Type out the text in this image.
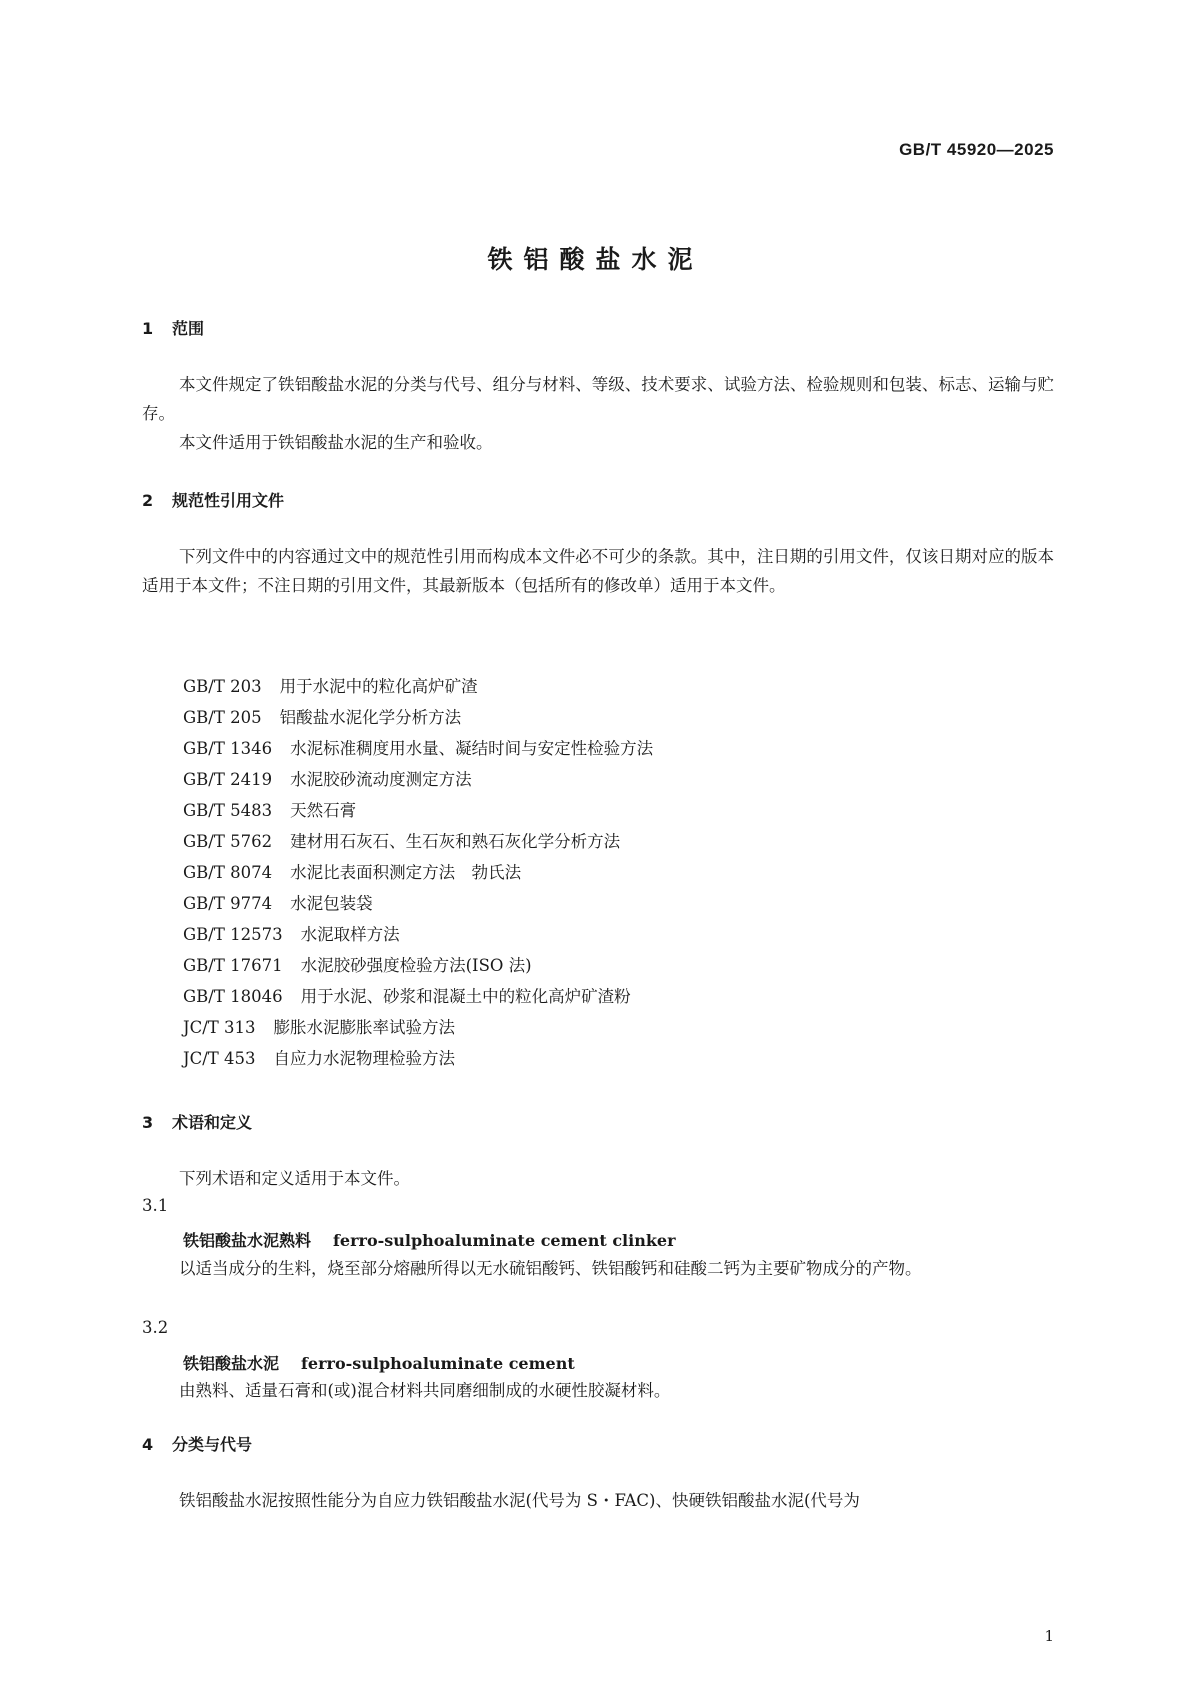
GB/T 45920—2025
铁铝酸盐水泥
1 范围

本文件规定了铁铝酸盐水泥的分类与代号、组分与材料、等级、技术要求、试验方法、检验规则和包装、标志、运输与贮存。

本文件适用于铁铝酸盐水泥的生产和验收。

2 规范性引用文件

下列文件中的内容通过文中的规范性引用而构成本文件必不可少的条款。其中，注日期的引用文件，仅该日期对应的版本适用于本文件；不注日期的引用文件，其最新版本（包括所有的修改单）适用于本文件。

GB/T 203 用于水泥中的粒化高炉矿渣
GB/T 205 铝酸盐水泥化学分析方法
GB/T 1346 水泥标准稠度用水量、凝结时间与安定性检验方法
GB/T 2419 水泥胶砂流动度测定方法
GB/T 5483 天然石膏
GB/T 5762 建材用石灰石、生石灰和熟石灰化学分析方法
GB/T 8074 水泥比表面积测定方法　勃氏法
GB/T 9774 水泥包装袋
GB/T 12573 水泥取样方法
GB/T 17671 水泥胶砂强度检验方法(ISO 法)
GB/T 18046 用于水泥、砂浆和混凝土中的粒化高炉矿渣粉
JC/T 313 膨胀水泥膨胀率试验方法
JC/T 453 自应力水泥物理检验方法
3 术语和定义

下列术语和定义适用于本文件。

3.1
铁铝酸盐水泥熟料 ferro-sulphoaluminate cement clinker

以适当成分的生料，烧至部分熔融所得以无水硫铝酸钙、铁铝酸钙和硅酸二钙为主要矿物成分的产物。

3.2
铁铝酸盐水泥 ferro-sulphoaluminate cement

由熟料、适量石膏和(或)混合材料共同磨细制成的水硬性胶凝材料。

4 分类与代号

铁铝酸盐水泥按照性能分为自应力铁铝酸盐水泥(代号为 S・FAC)、快硬铁铝酸盐水泥(代号为

1
